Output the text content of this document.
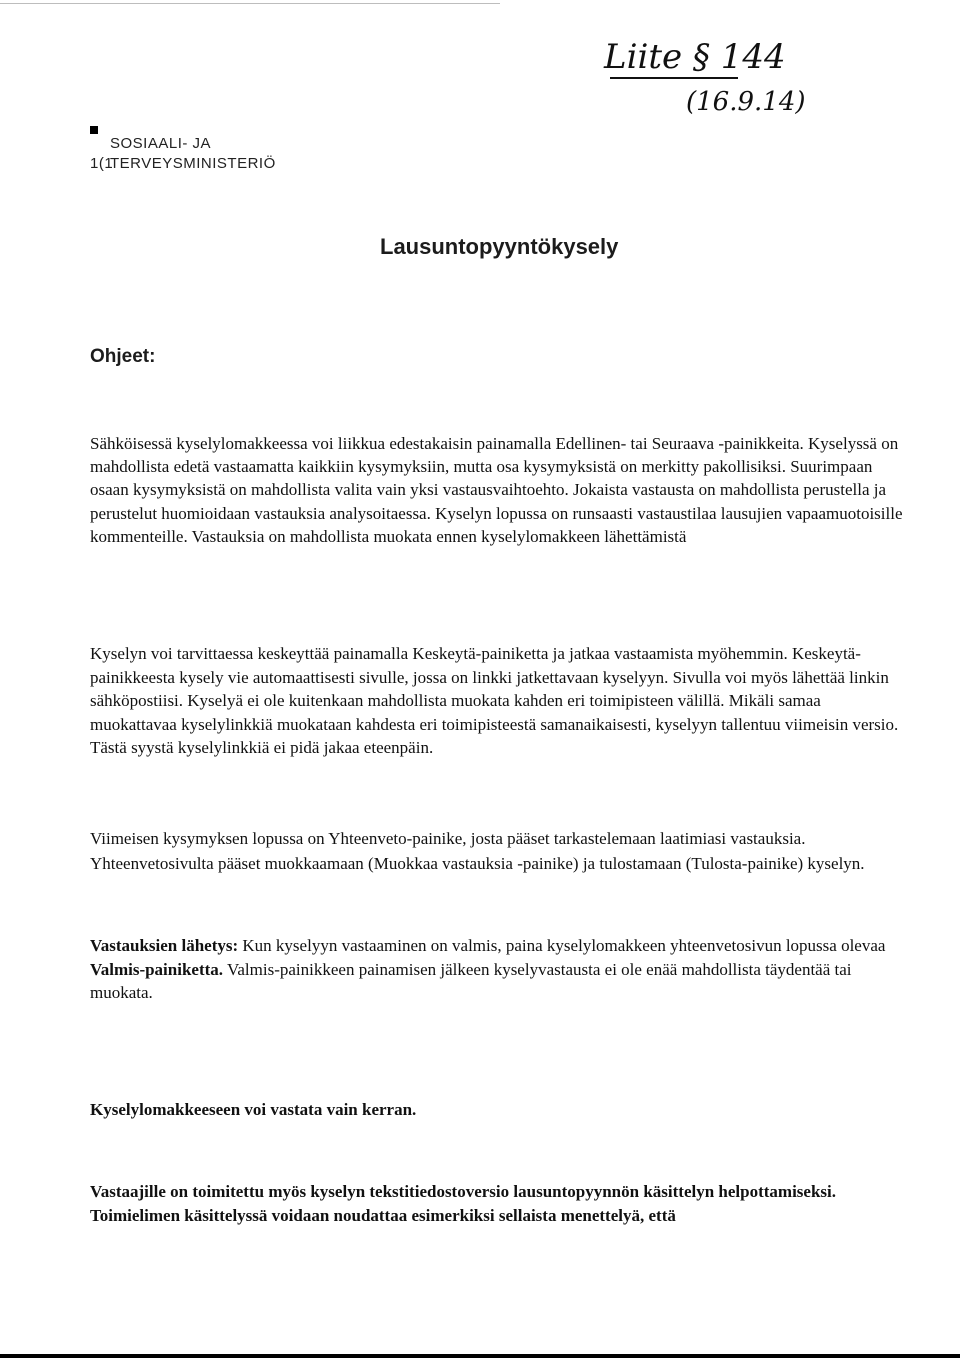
Liite § 144
(16.9.14)
SOSIAALI- JA
1(1
TERVEYSMINISTERIÖ
Lausuntopyyntökysely
Ohjeet:

Sähköisessä kyselylomakkeessa voi liikkua edestakaisin painamalla Edellinen- tai Seuraava -painikkeita. Kyselyssä on mahdollista edetä vastaamatta kaikkiin kysymyksiin, mutta osa kysymyksistä on merkitty pakollisiksi. Suurimpaan osaan kysymyksistä on mahdollista valita vain yksi vastausvaihtoehto. Jokaista vastausta on mahdollista perustella ja perustelut huomioidaan vastauksia analysoitaessa. Kyselyn lopussa on runsaasti vastaustilaa lausujien vapaamuotoisille kommenteille. Vastauksia on mahdollista muokata ennen kyselylomakkeen lähettämistä

Kyselyn voi tarvittaessa keskeyttää painamalla Keskeytä-painiketta ja jatkaa vastaamista myöhemmin. Keskeytä-painikkeesta kysely vie automaattisesti sivulle, jossa on linkki jatkettavaan kyselyyn. Sivulla voi myös lähettää linkin sähköpostiisi. Kyselyä ei ole kuitenkaan mahdollista muokata kahden eri toimipisteen välillä. Mikäli samaa muokattavaa kyselylinkkiä muokataan kahdesta eri toimipisteestä samanaikaisesti, kyselyyn tallentuu viimeisin versio. Tästä syystä kyselylinkkiä ei pidä jakaa eteenpäin.

Viimeisen kysymyksen lopussa on Yhteenveto-painike, josta pääset tarkastelemaan laatimiasi vastauksia. Yhteenvetosivulta pääset muokkaamaan (Muokkaa vastauksia -painike) ja tulostamaan (Tulosta-painike) kyselyn.

Vastauksien lähetys: Kun kyselyyn vastaaminen on valmis, paina kyselylomakkeen yhteenvetosivun lopussa olevaa Valmis-painiketta. Valmis-painikkeen painamisen jälkeen kyselyvastausta ei ole enää mahdollista täydentää tai muokata.

Kyselylomakkeeseen voi vastata vain kerran.

Vastaajille on toimitettu myös kyselyn tekstitiedostoversio lausuntopyynnön käsittelyn helpottamiseksi. Toimielimen käsittelyssä voidaan noudattaa esimerkiksi sellaista menettelyä, että
